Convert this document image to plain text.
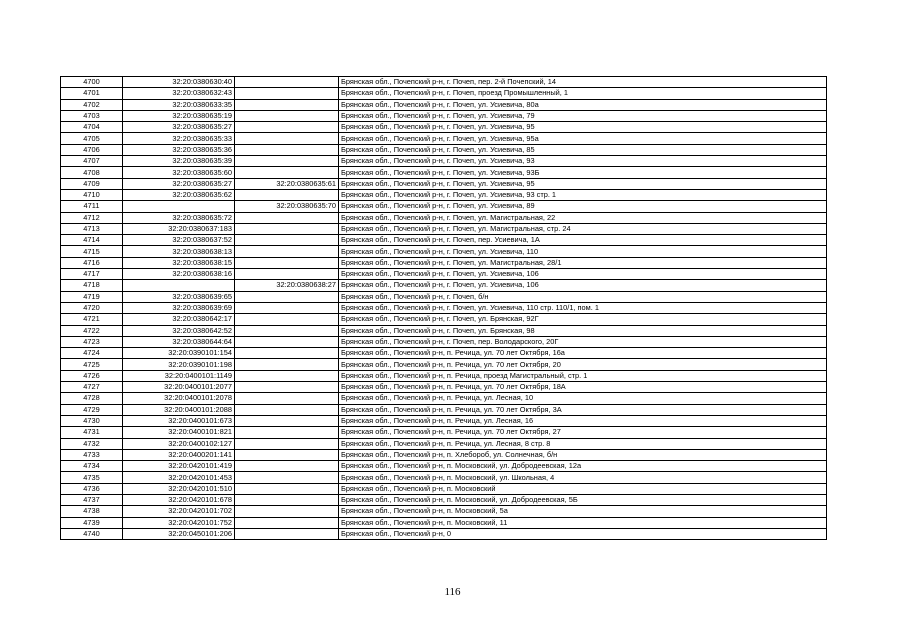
4700	32:20:0380630:40		Брянская обл., Почепский р-н, г. Почеп, пер. 2-й Почепский, 14
4701	32:20:0380632:43		Брянская обл., Почепский р-н, г. Почеп, проезд Промышленный, 1
4702	32:20:0380633:35		Брянская обл., Почепский р-н, г. Почеп, ул. Усиевича, 80а
4703	32:20:0380635:19		Брянская обл., Почепский р-н, г. Почеп, ул. Усиевича, 79
4704	32:20:0380635:27		Брянская обл., Почепский р-н, г. Почеп, ул. Усиевича, 95
4705	32:20:0380635:33		Брянская обл., Почепский р-н, г. Почеп, ул. Усиевича, 95а
4706	32:20:0380635:36		Брянская обл., Почепский р-н, г. Почеп, ул. Усиевича, 85
4707	32:20:0380635:39		Брянская обл., Почепский р-н, г. Почеп, ул. Усиевича, 93
4708	32:20:0380635:60		Брянская обл., Почепский р-н, г. Почеп, ул. Усиевича, 93Б
4709	32:20:0380635:27	32:20:0380635:61	Брянская обл., Почепский р-н, г. Почеп, ул. Усиевича, 95
4710	32:20:0380635:62		Брянская обл., Почепский р-н, г. Почеп, ул. Усиевича, 93 стр. 1
4711		32:20:0380635:70	Брянская обл., Почепский р-н, г. Почеп, ул. Усиевича, 89
4712	32:20:0380635:72		Брянская обл., Почепский р-н, г. Почеп, ул. Магистральная, 22
4713	32:20:0380637:183		Брянская обл., Почепский р-н, г. Почеп, ул. Магистральная, стр. 24
4714	32:20:0380637:52		Брянская обл., Почепский р-н, г. Почеп, пер. Усиевича, 1А
4715	32:20:0380638:13		Брянская обл., Почепский р-н, г. Почеп, ул. Усиевича, 110
4716	32:20:0380638:15		Брянская обл., Почепский р-н, г. Почеп, ул. Магистральная, 28/1
4717	32:20:0380638:16		Брянская обл., Почепский р-н, г. Почеп, ул. Усиевича, 106
4718		32:20:0380638:27	Брянская обл., Почепский р-н, г. Почеп, ул. Усиевича, 106
4719	32:20:0380639:65		Брянская обл., Почепский р-н, г. Почеп, б/н
4720	32:20:0380639:69		Брянская обл., Почепский р-н, г. Почеп, ул. Усиевича, 110 стр. 110/1, пом. 1
4721	32:20:0380642:17		Брянская обл., Почепский р-н, г. Почеп, ул. Брянская, 92Г
4722	32:20:0380642:52		Брянская обл., Почепский р-н, г. Почеп, ул. Брянская, 98
4723	32:20:0380644:64		Брянская обл., Почепский р-н, г. Почеп, пер. Володарского, 20Г
4724	32:20:0390101:154		Брянская обл., Почепский р-н, п. Речица, ул. 70 лет Октября, 16а
4725	32:20:0390101:198		Брянская обл., Почепский р-н, п. Речица, ул. 70 лет Октября, 20
4726	32:20:0400101:1149		Брянская обл., Почепский р-н, п. Речица, проезд Магистральный, стр. 1
4727	32:20:0400101:2077		Брянская обл., Почепский р-н, п. Речица, ул. 70 лет Октября, 18А
4728	32:20:0400101:2078		Брянская обл., Почепский р-н, п. Речица, ул. Лесная, 10
4729	32:20:0400101:2088		Брянская обл., Почепский р-н, п. Речица, ул. 70 лет Октября, 3А
4730	32:20:0400101:673		Брянская обл., Почепский р-н, п. Речица, ул. Лесная, 16
4731	32:20:0400101:821		Брянская обл., Почепский р-н, п. Речица, ул. 70 лет Октября, 27
4732	32:20:0400102:127		Брянская обл., Почепский р-н, п. Речица, ул. Лесная, 8 стр. 8
4733	32:20:0400201:141		Брянская обл., Почепский р-н, п. Хлебороб, ул. Солнечная, б/н
4734	32:20:0420101:419		Брянская обл., Почепский р-н, п. Московский, ул. Добродеевская, 12а
4735	32:20:0420101:453		Брянская обл., Почепский р-н, п. Московский, ул. Школьная, 4
4736	32:20:0420101:510		Брянская обл., Почепский р-н, п. Московский
4737	32:20:0420101:678		Брянская обл., Почепский р-н, п. Московский, ул. Добродеевская, 5Б
4738	32:20:0420101:702		Брянская обл., Почепский р-н, п. Московский, 5а
4739	32:20:0420101:752		Брянская обл., Почепский р-н, п. Московский, 11
4740	32:20:0450101:206		Брянская обл., Почепский р-н, 0
116
